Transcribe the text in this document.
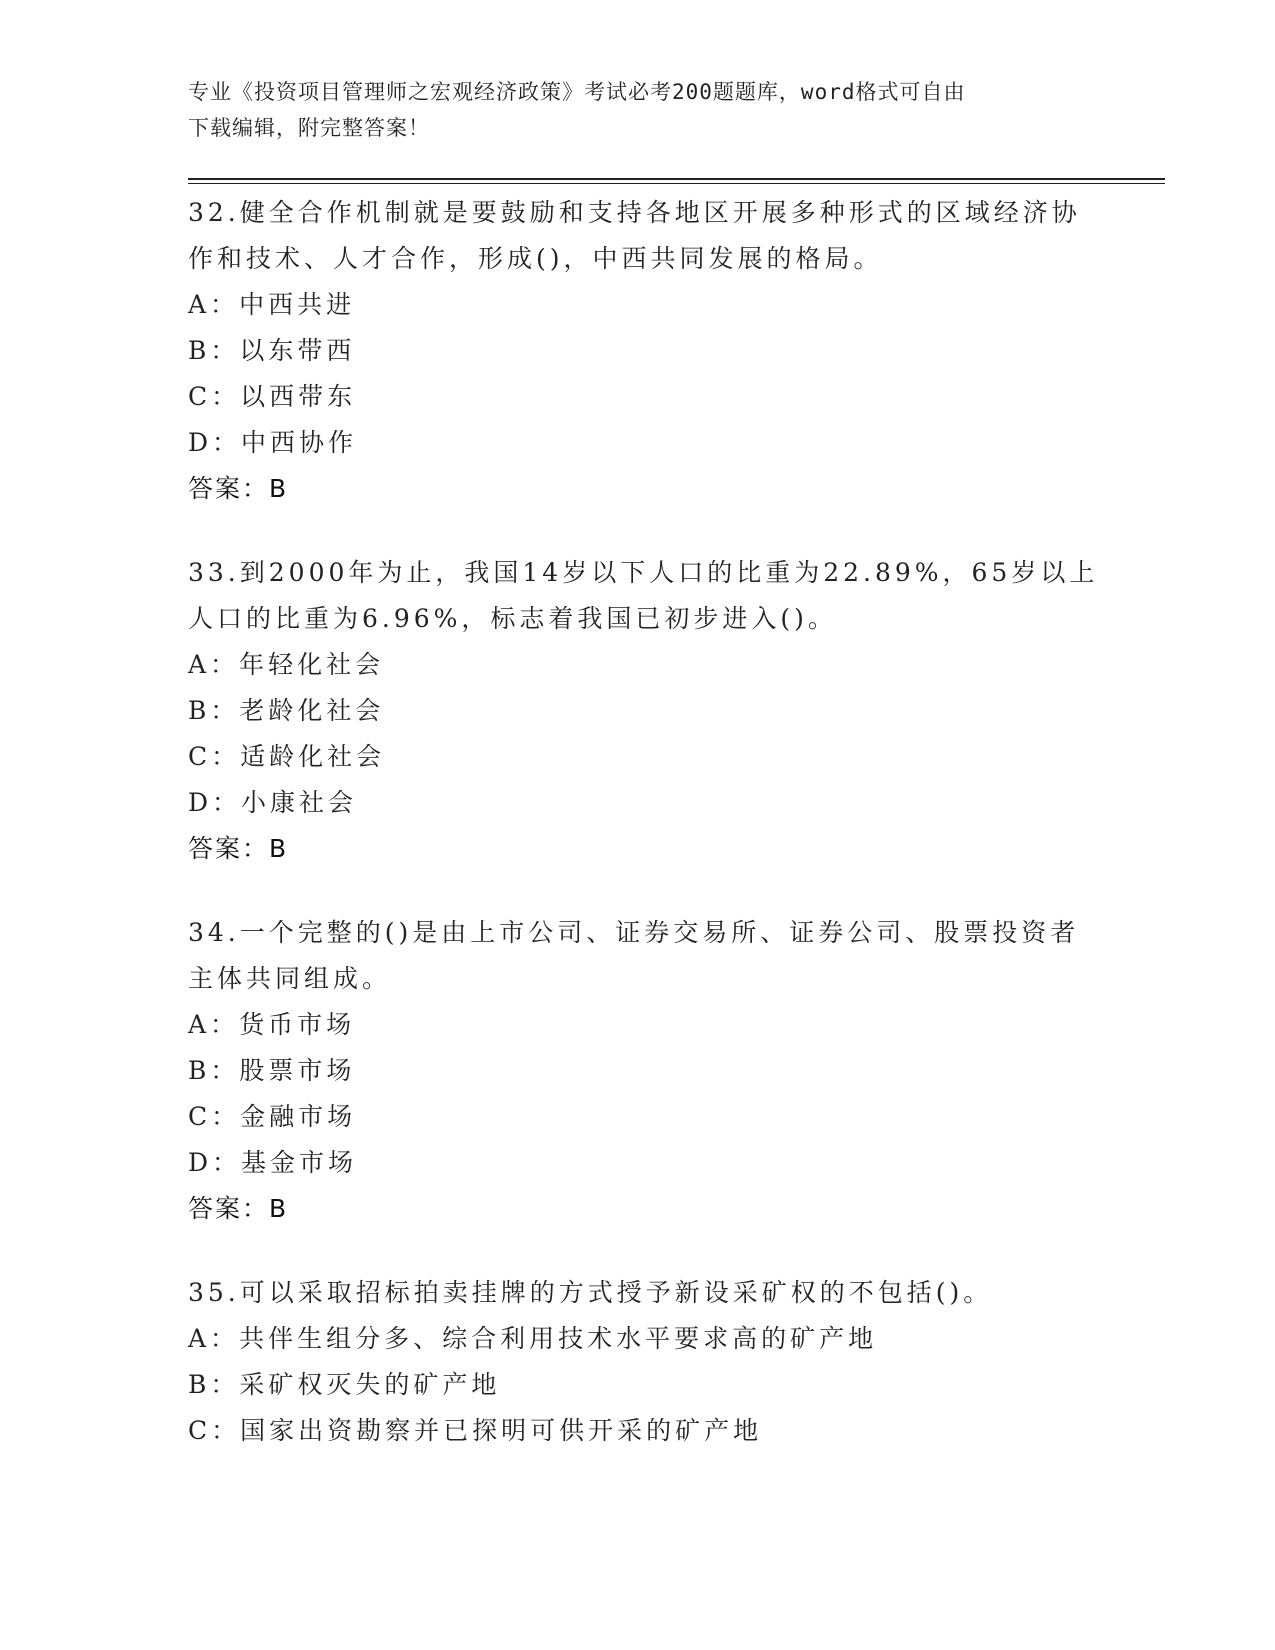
专业《投资项目管理师之宏观经济政策》考试必考200题题库，word格式可自由
下载编辑，附完整答案！
32.健全合作机制就是要鼓励和支持各地区开展多种形式的区域经济协
作和技术、人才合作，形成()，中西共同发展的格局。
A：中西共进
B：以东带西
C：以西带东
D：中西协作
答案：B
33.到2000年为止，我国14岁以下人口的比重为22.89%，65岁以上
人口的比重为6.96%，标志着我国已初步进入()。
A：年轻化社会
B：老龄化社会
C：适龄化社会
D：小康社会
答案：B
34.一个完整的()是由上市公司、证券交易所、证券公司、股票投资者
主体共同组成。
A：货币市场
B：股票市场
C：金融市场
D：基金市场
答案：B
35.可以采取招标拍卖挂牌的方式授予新设采矿权的不包括()。
A：共伴生组分多、综合利用技术水平要求高的矿产地
B：采矿权灭失的矿产地
C：国家出资勘察并已探明可供开采的矿产地
